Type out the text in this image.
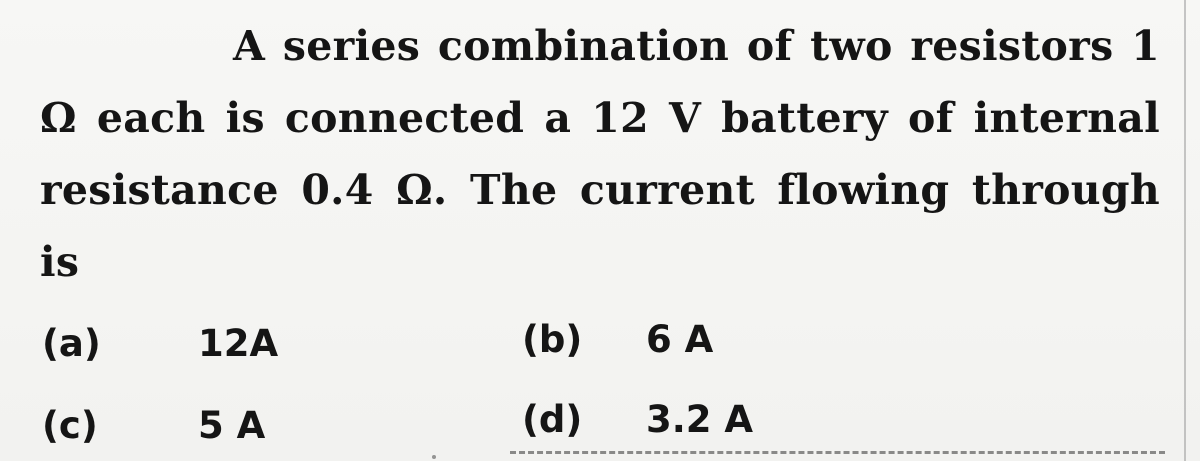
A series combination of two resistors 1 Ω each is connected a 12 V battery of internal resistance 0.4 Ω. The current flowing through is
(a)	12A	(b) 6 A
(c)	5 A	(d) 3.2 A
